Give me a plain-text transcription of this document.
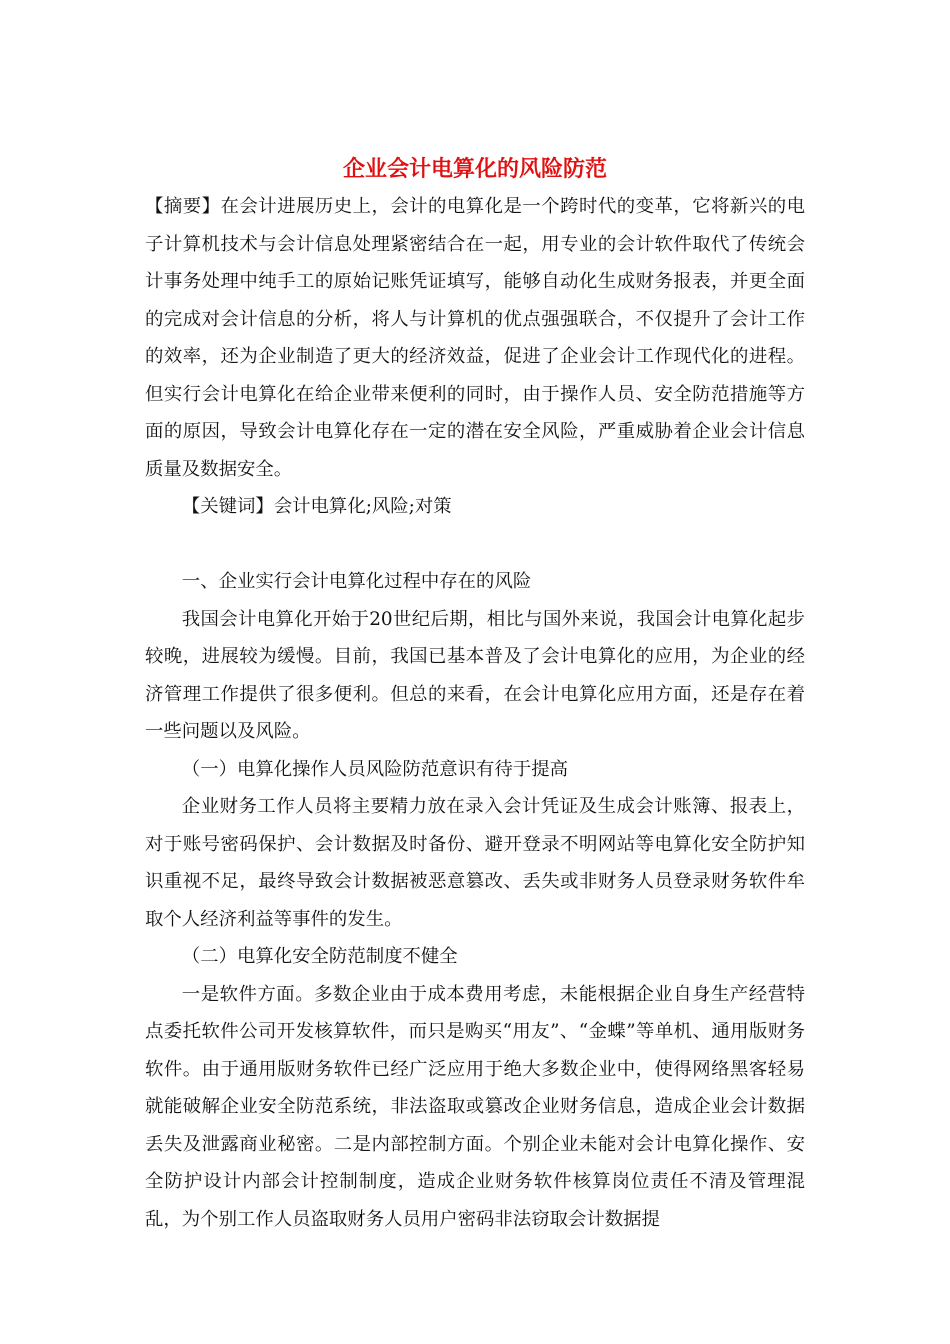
企业会计电算化的风险防范

【摘要】在会计进展历史上，会计的电算化是一个跨时代的变革，它将新兴的电子计算机技术与会计信息处理紧密结合在一起，用专业的会计软件取代了传统会计事务处理中纯手工的原始记账凭证填写，能够自动化生成财务报表，并更全面的完成对会计信息的分析，将人与计算机的优点强强联合，不仅提升了会计工作的效率，还为企业制造了更大的经济效益，促进了企业会计工作现代化的进程。但实行会计电算化在给企业带来便利的同时，由于操作人员、安全防范措施等方面的原因，导致会计电算化存在一定的潜在安全风险，严重威胁着企业会计信息质量及数据安全。

【关键词】会计电算化;风险;对策

一、企业实行会计电算化过程中存在的风险

我国会计电算化开始于20世纪后期，相比与国外来说，我国会计电算化起步较晚，进展较为缓慢。目前，我国已基本普及了会计电算化的应用，为企业的经济管理工作提供了很多便利。但总的来看，在会计电算化应用方面，还是存在着一些问题以及风险。

（一）电算化操作人员风险防范意识有待于提高

企业财务工作人员将主要精力放在录入会计凭证及生成会计账簿、报表上，对于账号密码保护、会计数据及时备份、避开登录不明网站等电算化安全防护知识重视不足，最终导致会计数据被恶意篡改、丢失或非财务人员登录财务软件牟取个人经济利益等事件的发生。

（二）电算化安全防范制度不健全

一是软件方面。多数企业由于成本费用考虑，未能根据企业自身生产经营特点委托软件公司开发核算软件，而只是购买“用友”、“金蝶”等单机、通用版财务软件。由于通用版财务软件已经广泛应用于绝大多数企业中，使得网络黑客轻易就能破解企业安全防范系统，非法盗取或篡改企业财务信息，造成企业会计数据丢失及泄露商业秘密。二是内部控制方面。个别企业未能对会计电算化操作、安全防护设计内部会计控制制度，造成企业财务软件核算岗位责任不清及管理混乱，为个别工作人员盗取财务人员用户密码非法窃取会计数据提
